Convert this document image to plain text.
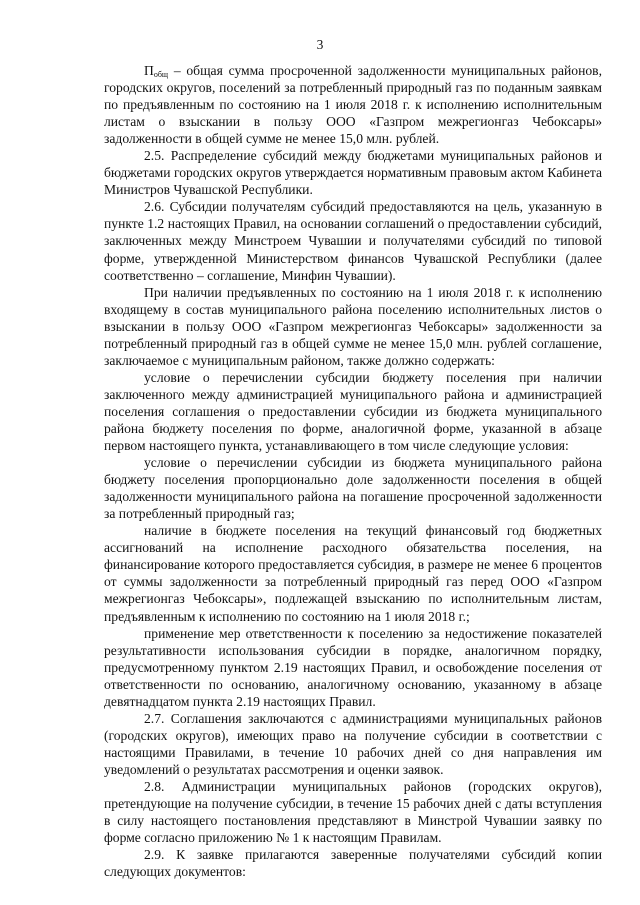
3

$П_{общ}$ – общая сумма просроченной задолженности муниципальных районов, городских округов, поселений за потребленный природный газ по поданным заявкам по предъявленным по состоянию на 1 июля 2018 г. к исполнению исполнительным листам о взыскании в пользу ООО «Газпром межрегионгаз Чебоксары» задолженности в общей сумме не менее 15,0 млн. рублей.

2.5. Распределение субсидий между бюджетами муниципальных районов и бюджетами городских округов утверждается нормативным правовым актом Кабинета Министров Чувашской Республики.

2.6. Субсидии получателям субсидий предоставляются на цель, указанную в пункте 1.2 настоящих Правил, на основании соглашений о предоставлении субсидий, заключенных между Минстроем Чувашии и получателями субсидий по типовой форме, утвержденной Министерством финансов Чувашской Республики (далее соответственно – соглашение, Минфин Чувашии).

При наличии предъявленных по состоянию на 1 июля 2018 г. к исполнению входящему в состав муниципального района поселению исполнительных листов о взыскании в пользу ООО «Газпром межрегионгаз Чебоксары» задолженности за потребленный природный газ в общей сумме не менее 15,0 млн. рублей соглашение, заключаемое с муниципальным районом, также должно содержать:

условие о перечислении субсидии бюджету поселения при наличии заключенного между администрацией муниципального района и администрацией поселения соглашения о предоставлении субсидии из бюджета муниципального района бюджету поселения по форме, аналогичной форме, указанной в абзаце первом настоящего пункта, устанавливающего в том числе следующие условия:

условие о перечислении субсидии из бюджета муниципального района бюджету поселения пропорционально доле задолженности поселения в общей задолженности муниципального района на погашение просроченной задолженности за потребленный природный газ;

наличие в бюджете поселения на текущий финансовый год бюджетных ассигнований на исполнение расходного обязательства поселения, на финансирование которого предоставляется субсидия, в размере не менее 6 процентов от суммы задолженности за потребленный природный газ перед ООО «Газпром межрегионгаз Чебоксары», подлежащей взысканию по исполнительным листам, предъявленным к исполнению по состоянию на 1 июля 2018 г.;

применение мер ответственности к поселению за недостижение показателей результативности использования субсидии в порядке, аналогичном порядку, предусмотренному пунктом 2.19 настоящих Правил, и освобождение поселения от ответственности по основанию, аналогичному основанию, указанному в абзаце девятнадцатом пункта 2.19 настоящих Правил.

2.7. Соглашения заключаются с администрациями муниципальных районов (городских округов), имеющих право на получение субсидии в соответствии с настоящими Правилами, в течение 10 рабочих дней со дня направления им уведомлений о результатах рассмотрения и оценки заявок.

2.8. Администрации муниципальных районов (городских округов), претендующие на получение субсидии, в течение 15 рабочих дней с даты вступления в силу настоящего постановления представляют в Минстрой Чувашии заявку по форме согласно приложению № 1 к настоящим Правилам.

2.9. К заявке прилагаются заверенные получателями субсидий копии следующих документов:
